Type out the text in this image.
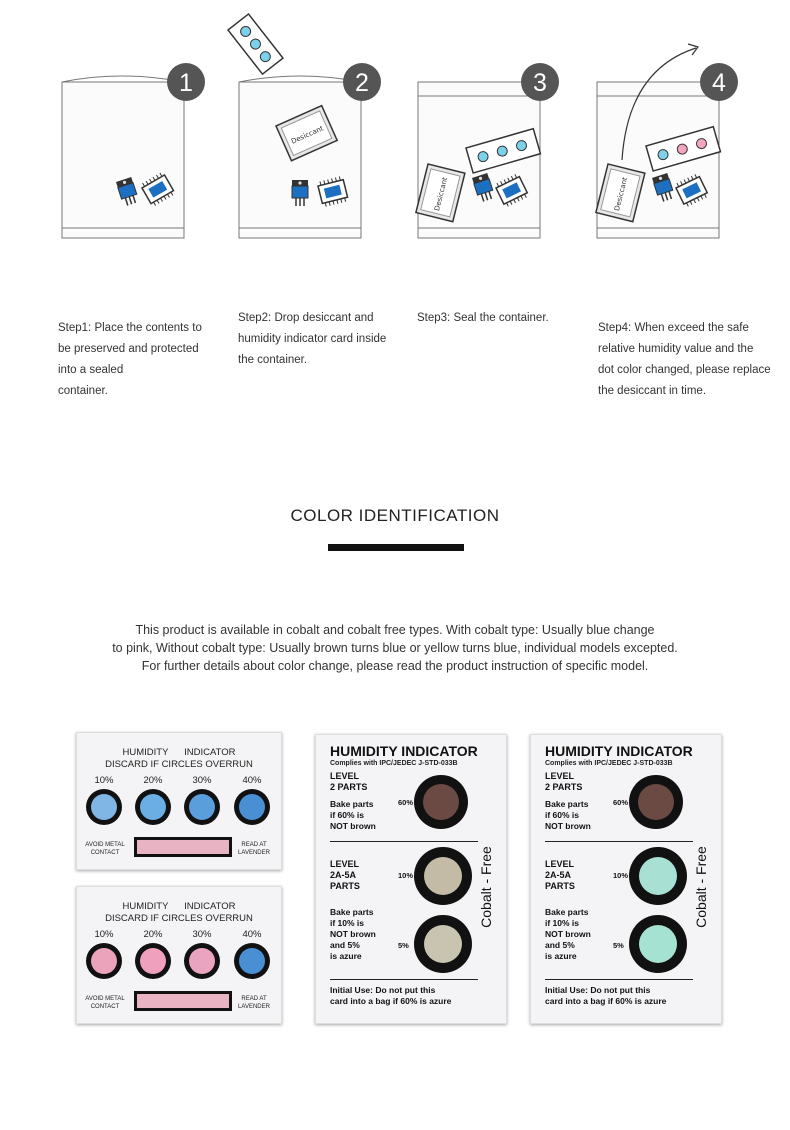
1
Desiccant
2
Desiccant
3
Desiccant
4
Step1: Place the contents to
be preserved and protected
into a sealed
container.
Step2: Drop desiccant and
humidity indicator card inside
the container.
Step3: Seal the container.
Step4: When exceed the safe
relative humidity value and the
dot color changed, please replace
the desiccant in time.
COLOR IDENTIFICATION
This product is available in cobalt and cobalt free types. With cobalt type: Usually blue change
to pink, Without cobalt type: Usually brown turns blue or yellow turns blue, individual models excepted.
For further details about color change, please read the product instruction of specific model.
HUMIDITY      INDICATOR
DISCARD IF CIRCLES OVERRUN
10%	20%	30%	40%
AVOID METAL
CONTACT
READ AT
LAVENDER
HUMIDITY      INDICATOR
DISCARD IF CIRCLES OVERRUN
10%	20%	30%	40%
AVOID METAL
CONTACT
READ AT
LAVENDER
HUMIDITY INDICATOR
Complies with IPC/JEDEC J-STD-033B
LEVEL
2 PARTS
Bake parts
if 60% is
NOT brown
60%
LEVEL
2A-5A
PARTS
10%
Bake parts
if 10% is
NOT brown
and 5%
is azure
5%
Cobalt - Free
Initial Use: Do not put this
card into a bag if 60% is azure
HUMIDITY INDICATOR
Complies with IPC/JEDEC J-STD-033B
LEVEL
2 PARTS
Bake parts
if 60% is
NOT brown
60%
LEVEL
2A-5A
PARTS
10%
Bake parts
if 10% is
NOT brown
and 5%
is azure
5%
Cobalt - Free
Initial Use: Do not put this
card into a bag if 60% is azure
